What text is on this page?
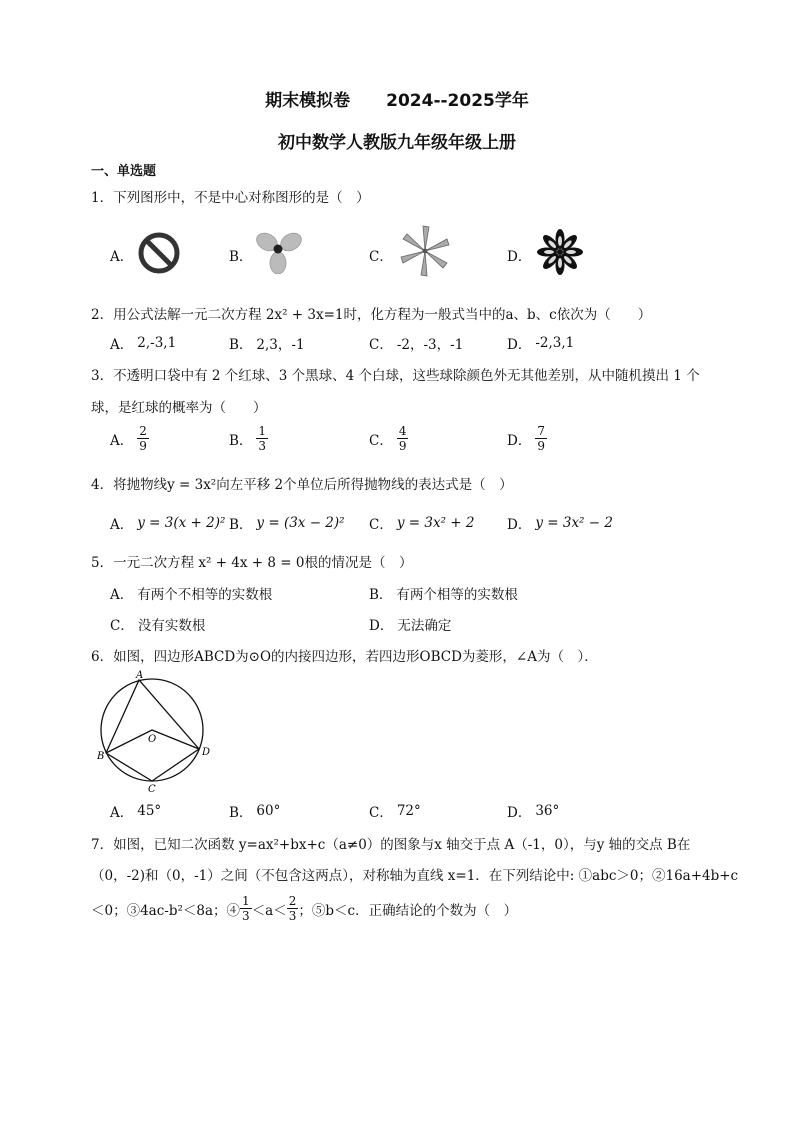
期末模拟卷 2024--2025学年
初中数学人教版九年级年级上册
一、单选题
1．下列图形中，不是中心对称图形的是（　）
A．	B．	C．	D．
2．用公式法解一元二次方程 2x² + 3x=1时，化方程为一般式当中的a、b、c依次为（　　）
A． 2,-3,1	B． 2,3，-1	C． -2，-3，-1	D． -2,3,1
3．不透明口袋中有 2 个红球、3 个黑球、4 个白球，这些球除颜色外无其他差别，从中随机摸出 1 个
球，是红球的概率为（　　）
A． $\frac{2}{9}$	B． $\frac{1}{3}$	C． $\frac{4}{9}$	D． $\frac{7}{9}$
4．将抛物线y = 3x²向左平移 2个单位后所得抛物线的表达式是（　）
A． y = 3(x + 2)² B． y = (3x − 2)² C． y = 3x² + 2 D． y = 3x² − 2
5．一元二次方程 x² + 4x + 8 = 0根的情况是（　）
A． 有两个不相等的实数根	B． 有两个相等的实数根
C． 没有实数根	D． 无法确定
6．如图，四边形ABCD为⊙O的内接四边形，若四边形OBCD为菱形，∠A为（　）．
A
B
C
D
O
A． 45°	B． 60°	C． 72°	D． 36°
7．如图，已知二次函数 y=ax²+bx+c（a≠0）的图象与x 轴交于点 A（-1，0），与y 轴的交点 B在
（0，-2)和（0，-1）之间（不包含这两点），对称轴为直线 x=1．在下列结论中: ①abc＞0；②16a+4b+c
＜0；③4ac-b²＜8a；④ $\frac{1}{3} <a< \frac{2}{3}$ ；⑤b＜c．正确结论的个数为（　）
